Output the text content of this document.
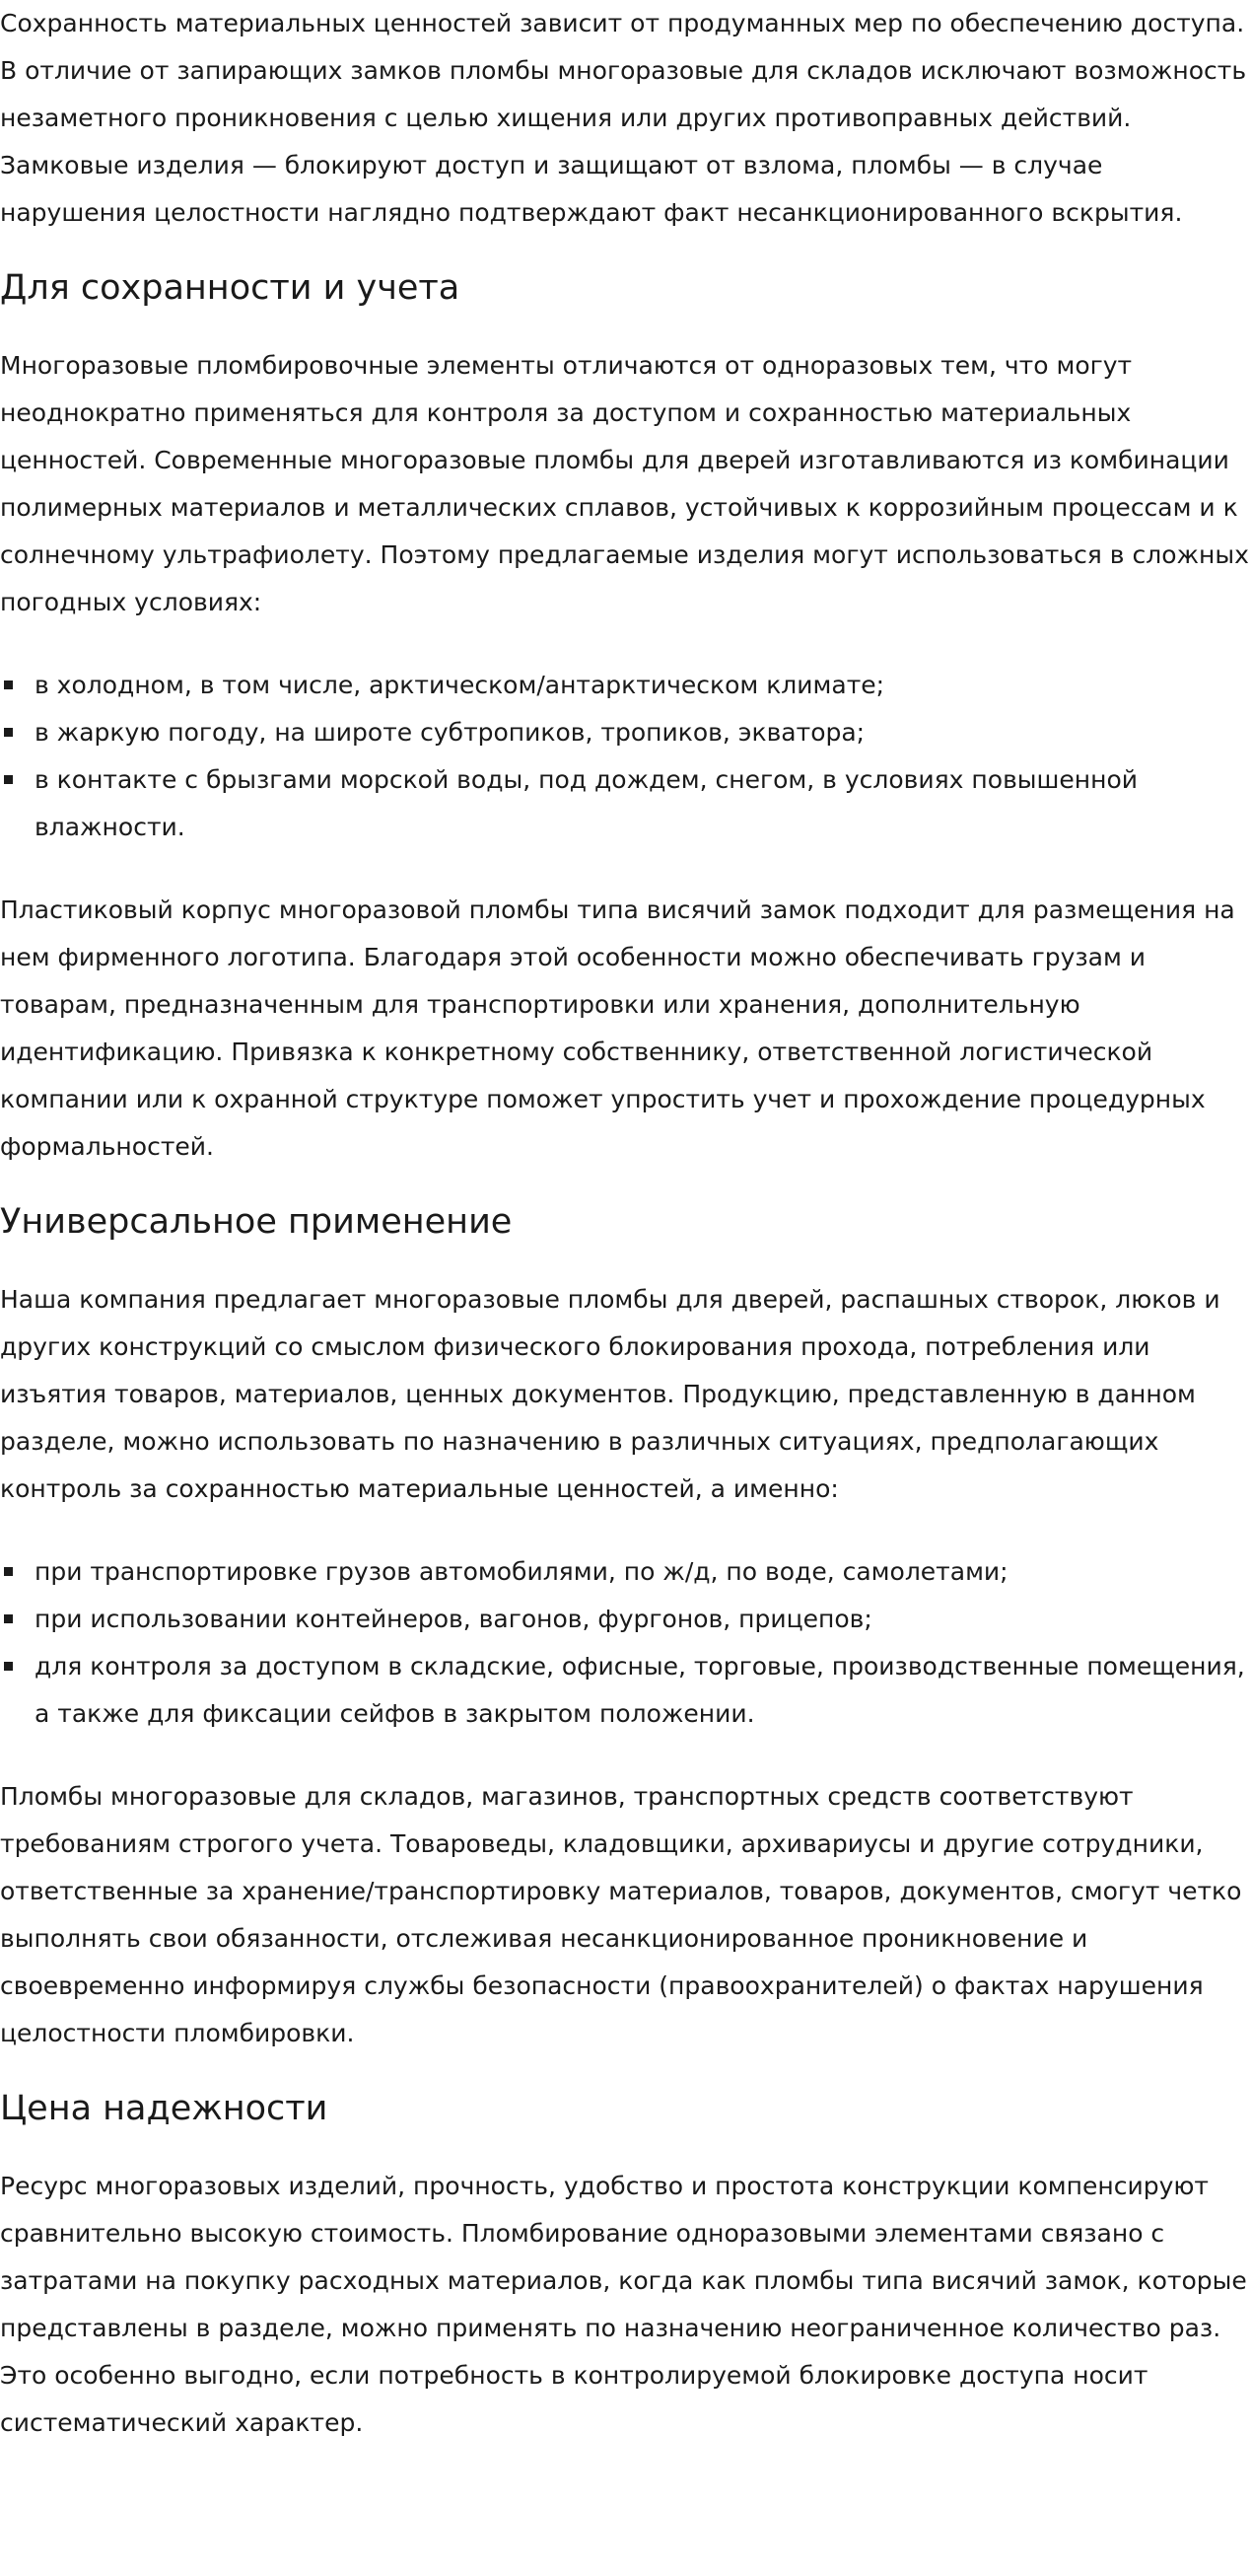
Сохранность материальных ценностей зависит от продуманных мер по обеспечению доступа. В отличие от запирающих замков пломбы многоразовые для складов исключают возможность незаметного проникновения с целью хищения или других противоправных действий. Замковые изделия — блокируют доступ и защищают от взлома, пломбы — в случае нарушения целостности наглядно подтверждают факт несанкционированного вскрытия.

Для сохранности и учета

Многоразовые пломбировочные элементы отличаются от одноразовых тем, что могут неоднократно применяться для контроля за доступом и сохранностью материальных ценностей. Современные многоразовые пломбы для дверей изготавливаются из комбинации полимерных материалов и металлических сплавов, устойчивых к коррозийным процессам и к солнечному ультрафиолету. Поэтому предлагаемые изделия могут использоваться в сложных погодных условиях:

в холодном, в том числе, арктическом/антарктическом климате;
в жаркую погоду, на широте субтропиков, тропиков, экватора;
в контакте с брызгами морской воды, под дождем, снегом, в условиях повышенной влажности.

Пластиковый корпус многоразовой пломбы типа висячий замок подходит для размещения на нем фирменного логотипа. Благодаря этой особенности можно обеспечивать грузам и товарам, предназначенным для транспортировки или хранения, дополнительную идентификацию. Привязка к конкретному собственнику, ответственной логистической компании или к охранной структуре поможет упростить учет и прохождение процедурных формальностей.

Универсальное применение

Наша компания предлагает многоразовые пломбы для дверей, распашных створок, люков и других конструкций со смыслом физического блокирования прохода, потребления или изъятия товаров, материалов, ценных документов. Продукцию, представленную в данном разделе, можно использовать по назначению в различных ситуациях, предполагающих контроль за сохранностью материальные ценностей, а именно:

при транспортировке грузов автомобилями, по ж/д, по воде, самолетами;
при использовании контейнеров, вагонов, фургонов, прицепов;
для контроля за доступом в складские, офисные, торговые, производственные помещения, а также для фиксации сейфов в закрытом положении.

Пломбы многоразовые для складов, магазинов, транспортных средств соответствуют требованиям строгого учета. Товароведы, кладовщики, архивариусы и другие сотрудники, ответственные за хранение/транспортировку материалов, товаров, документов, смогут четко выполнять свои обязанности, отслеживая несанкционированное проникновение и своевременно информируя службы безопасности (правоохранителей) о фактах нарушения целостности пломбировки.

Цена надежности

Ресурс многоразовых изделий, прочность, удобство и простота конструкции компенсируют сравнительно высокую стоимость. Пломбирование одноразовыми элементами связано с затратами на покупку расходных материалов, когда как пломбы типа висячий замок, которые представлены в разделе, можно применять по назначению неограниченное количество раз. Это особенно выгодно, если потребность в контролируемой блокировке доступа носит систематический характер.
